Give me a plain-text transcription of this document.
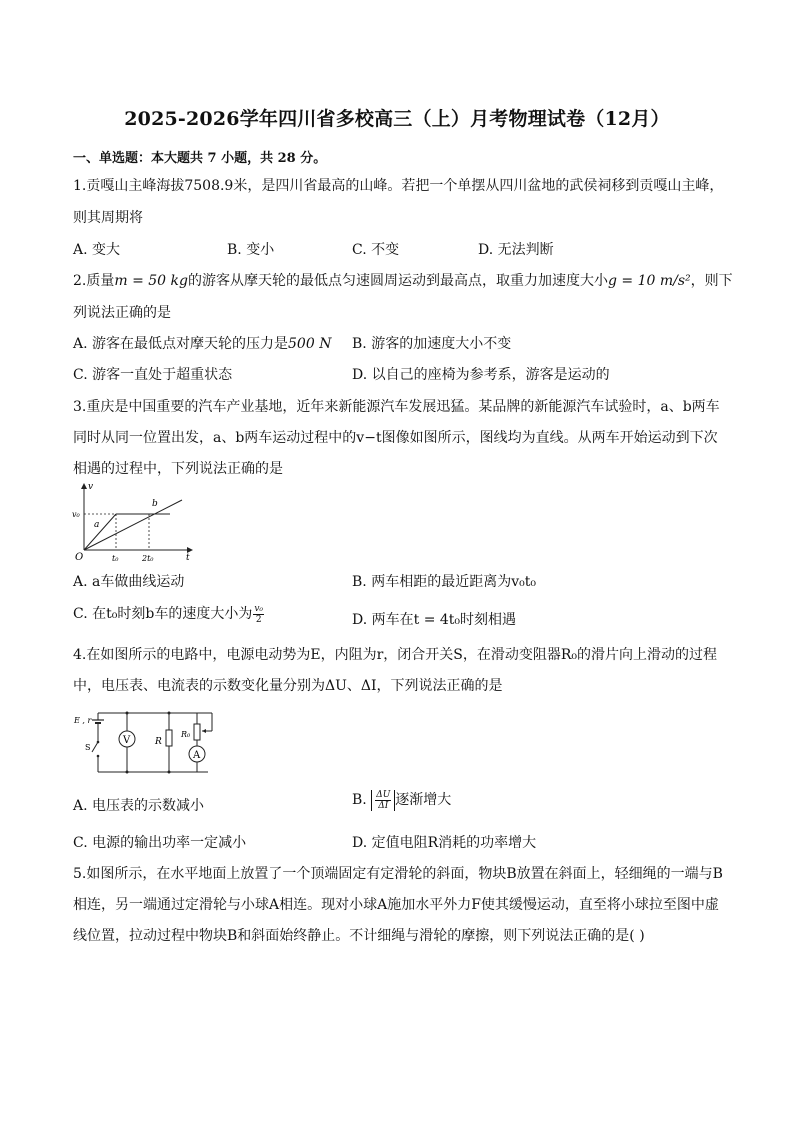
2025-2026学年四川省多校高三（上）月考物理试卷（12月）
一、单选题：本大题共 7 小题，共 28 分。
1.贡嘎山主峰海拔7508.9米，是四川省最高的山峰。若把一个单摆从四川盆地的武侯祠移到贡嘎山主峰，
则其周期将
A. 变大	B. 变小	C. 不变	D. 无法判断
2.质量m = 50 kg的游客从摩天轮的最低点匀速圆周运动到最高点，取重力加速度大小g = 10 m/s²，则下
列说法正确的是
A. 游客在最低点对摩天轮的压力是500 N B. 游客的加速度大小不变
C. 游客一直处于超重状态	D. 以自己的座椅为参考系，游客是运动的
3.重庆是中国重要的汽车产业基地，近年来新能源汽车发展迅猛。某品牌的新能源汽车试验时，a、b两车
同时从同一位置出发，a、b两车运动过程中的v−t图像如图所示，图线均为直线。从两车开始运动到下次
相遇的过程中，下列说法正确的是
v
v₀
a
b
O	t₀	2t₀	t
A. a车做曲线运动	B. 两车相距的最近距离为v₀t₀
C. 在t₀时刻b车的速度大小为 $\frac{\text{v₀}}{2}$	D. 两车在t = 4t₀时刻相遇
4.在如图所示的电路中，电源电动势为E，内阻为r，闭合开关S，在滑动变阻器R₀的滑片向上滑动的过程
中，电压表、电流表的示数变化量分别为ΔU、ΔI，下列说法正确的是
E , r
S
V	R
R₀
A
A. 电压表的示数减小	B. $\frac{\Delta U}{\Delta I}$ 逐渐增大
C. 电源的输出功率一定减小	D. 定值电阻R消耗的功率增大
5.如图所示，在水平地面上放置了一个顶端固定有定滑轮的斜面，物块B放置在斜面上，轻细绳的一端与B
相连，另一端通过定滑轮与小球A相连。现对小球A施加水平外力F使其缓慢运动，直至将小球拉至图中虚
线位置，拉动过程中物块B和斜面始终静止。不计细绳与滑轮的摩擦，则下列说法正确的是( )
